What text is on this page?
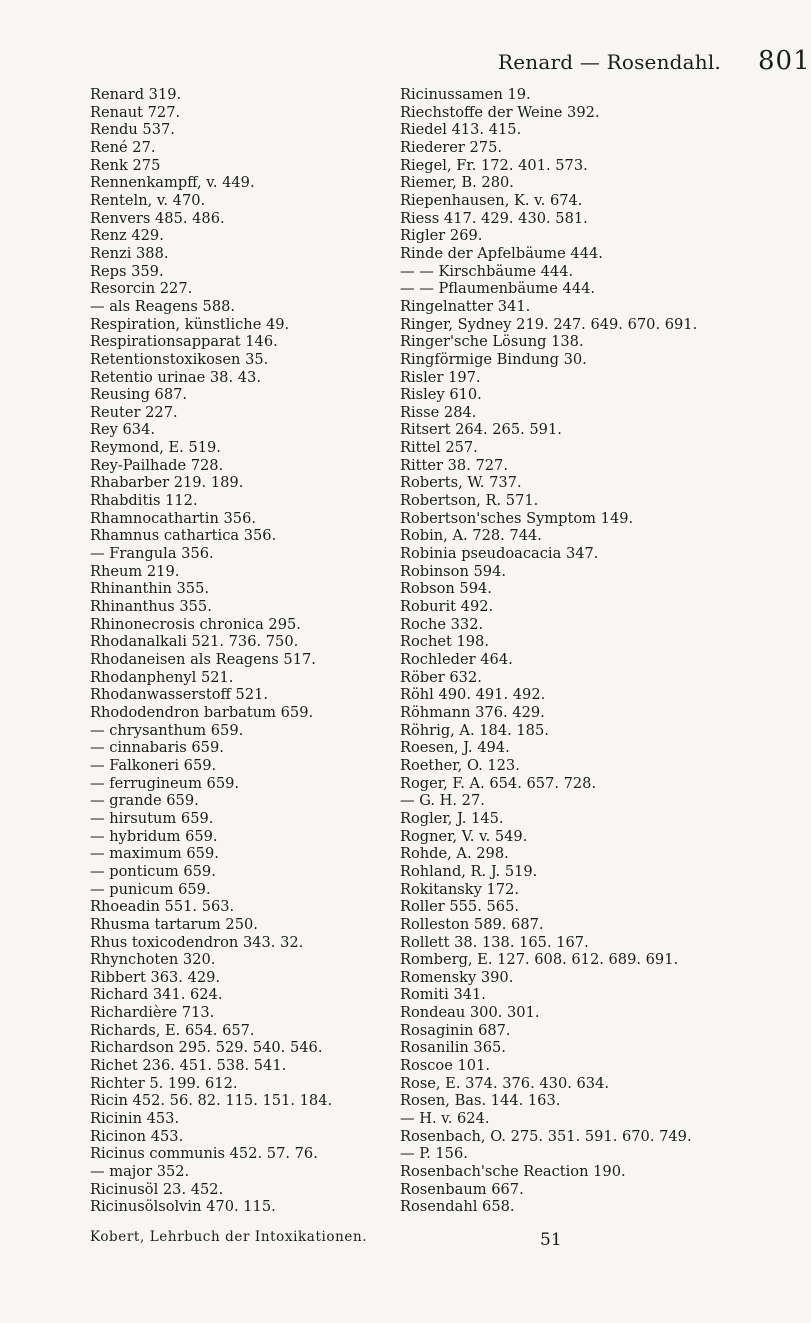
Renard — Rosendahl. 801
Renard 319.
Renaut 727.
Rendu 537.
René 27.
Renk 275
Rennenkampff, v. 449.
Renteln, v. 470.
Renvers 485. 486.
Renz 429.
Renzi 388.
Reps 359.
Resorcin 227.
— als Reagens 588.
Respiration, künstliche 49.
Respirationsapparat 146.
Retentionstoxikosen 35.
Retentio urinae 38. 43.
Reusing 687.
Reuter 227.
Rey 634.
Reymond, E. 519.
Rey-Pailhade 728.
Rhabarber 219. 189.
Rhabditis 112.
Rhamnocathartin 356.
Rhamnus cathartica 356.
— Frangula 356.
Rheum 219.
Rhinanthin 355.
Rhinanthus 355.
Rhinonecrosis chronica 295.
Rhodanalkali 521. 736. 750.
Rhodaneisen als Reagens 517.
Rhodanphenyl 521.
Rhodanwasserstoff 521.
Rhododendron barbatum 659.
— chrysanthum 659.
— cinnabaris 659.
— Falkoneri 659.
— ferrugineum 659.
— grande 659.
— hirsutum 659.
— hybridum 659.
— maximum 659.
— ponticum 659.
— punicum 659.
Rhoeadin 551. 563.
Rhusma tartarum 250.
Rhus toxicodendron 343. 32.
Rhynchoten 320.
Ribbert 363. 429.
Richard 341. 624.
Richardière 713.
Richards, E. 654. 657.
Richardson 295. 529. 540. 546.
Richet 236. 451. 538. 541.
Richter 5. 199. 612.
Ricin 452. 56. 82. 115. 151. 184.
Ricinin 453.
Ricinon 453.
Ricinus communis 452. 57. 76.
— major 352.
Ricinusöl 23. 452.
Ricinusölsolvin 470. 115.
Ricinussamen 19.
Riechstoffe der Weine 392.
Riedel 413. 415.
Riederer 275.
Riegel, Fr. 172. 401. 573.
Riemer, B. 280.
Riepenhausen, K. v. 674.
Riess 417. 429. 430. 581.
Rigler 269.
Rinde der Apfelbäume 444.
— — Kirschbäume 444.
— — Pflaumenbäume 444.
Ringelnatter 341.
Ringer, Sydney 219. 247. 649. 670. 691.
Ringer'sche Lösung 138.
Ringförmige Bindung 30.
Risler 197.
Risley 610.
Risse 284.
Ritsert 264. 265. 591.
Rittel 257.
Ritter 38. 727.
Roberts, W. 737.
Robertson, R. 571.
Robertson'sches Symptom 149.
Robin, A. 728. 744.
Robinia pseudoacacia 347.
Robinson 594.
Robson 594.
Roburit 492.
Roche 332.
Rochet 198.
Rochleder 464.
Röber 632.
Röhl 490. 491. 492.
Röhmann 376. 429.
Röhrig, A. 184. 185.
Roesen, J. 494.
Roether, O. 123.
Roger, F. A. 654. 657. 728.
— G. H. 27.
Rogler, J. 145.
Rogner, V. v. 549.
Rohde, A. 298.
Rohland, R. J. 519.
Rokitansky 172.
Roller 555. 565.
Rolleston 589. 687.
Rollett 38. 138. 165. 167.
Romberg, E. 127. 608. 612. 689. 691.
Romensky 390.
Romiti 341.
Rondeau 300. 301.
Rosaginin 687.
Rosanilin 365.
Roscoe 101.
Rose, E. 374. 376. 430. 634.
Rosen, Bas. 144. 163.
— H. v. 624.
Rosenbach, O. 275. 351. 591. 670. 749.
— P. 156.
Rosenbach'sche Reaction 190.
Rosenbaum 667.
Rosendahl 658.
Kobert, Lehrbuch der Intoxikationen.	51
